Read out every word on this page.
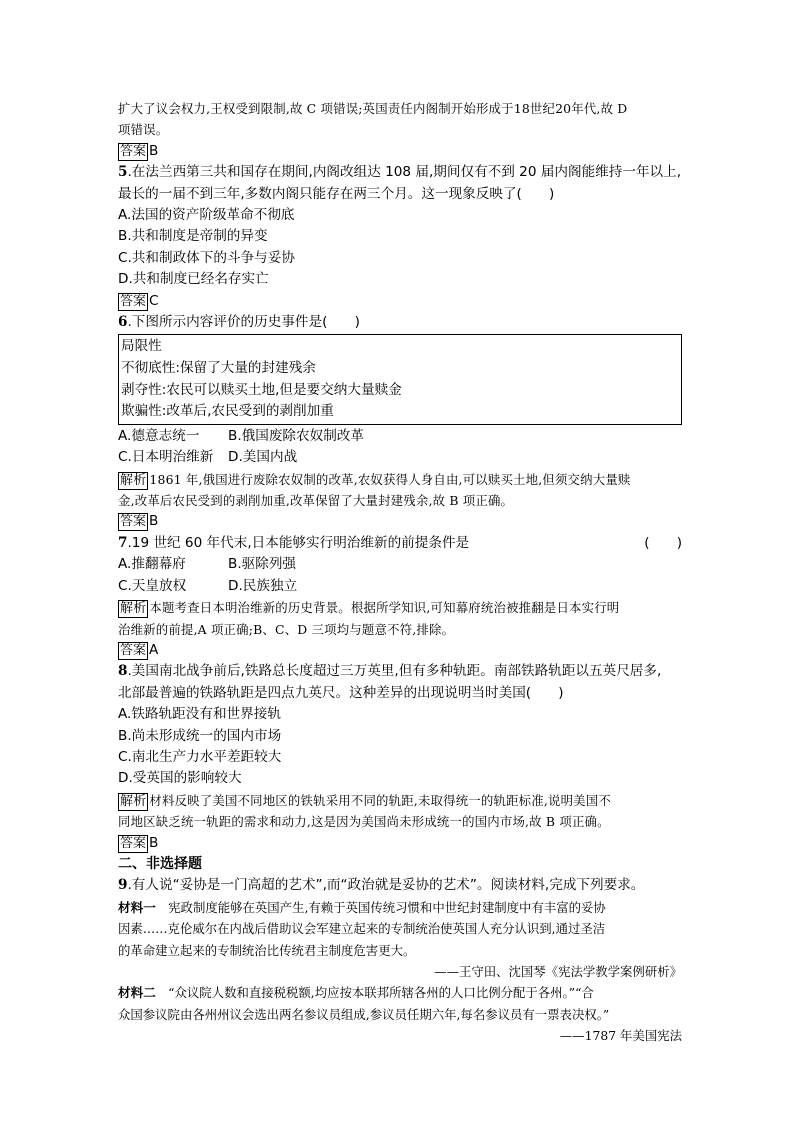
扩大了议会权力,王权受到限制,故 C 项错误;英国责任内阁制开始形成于18世纪20年代,故 D
项错误。
答案 B
5.在法兰西第三共和国存在期间,内阁改组达 108 届,期间仅有不到 20 届内阁能维持一年以上,
最长的一届不到三年,多数内阁只能存在两三个月。这一现象反映了(　　)
A.法国的资产阶级革命不彻底
B.共和制度是帝制的异变
C.共和制政体下的斗争与妥协
D.共和制度已经名存实亡
答案 C
6.下图所示内容评价的历史事件是(　　)
局限性
不彻底性:保留了大量的封建残余
剥夺性:农民可以赎买土地,但是要交纳大量赎金
欺骗性:改革后,农民受到的剥削加重
A.德意志统一 B.俄国废除农奴制改革
C.日本明治维新 D.美国内战
解析 1861 年,俄国进行废除农奴制的改革,农奴获得人身自由,可以赎买土地,但须交纳大量赎
金,改革后农民受到的剥削加重,改革保留了大量封建残余,故 B 项正确。
答案 B
7.19 世纪 60 年代末,日本能够实行明治维新的前提条件是	(　　)
A.推翻幕府	B.驱除列强
C.天皇放权	D.民族独立
解析 本题考查日本明治维新的历史背景。根据所学知识,可知幕府统治被推翻是日本实行明
治维新的前提,A 项正确;B、C、D 三项均与题意不符,排除。
答案 A
8.美国南北战争前后,铁路总长度超过三万英里,但有多种轨距。南部铁路轨距以五英尺居多,
北部最普遍的铁路轨距是四点九英尺。这种差异的出现说明当时美国(　　)
A.铁路轨距没有和世界接轨
B.尚未形成统一的国内市场
C.南北生产力水平差距较大
D.受英国的影响较大
解析 材料反映了美国不同地区的铁轨采用不同的轨距,未取得统一的轨距标准,说明美国不
同地区缺乏统一轨距的需求和动力,这是因为美国尚未形成统一的国内市场,故 B 项正确。
答案 B
二、非选择题
9.有人说“妥协是一门高超的艺术”,而“政治就是妥协的艺术”。阅读材料,完成下列要求。
材料一　宪政制度能够在英国产生,有赖于英国传统习惯和中世纪封建制度中有丰富的妥协
因素……克伦威尔在内战后借助议会军建立起来的专制统治使英国人充分认识到,通过圣洁
的革命建立起来的专制统治比传统君主制度危害更大。
——王守田、沈国琴《宪法学教学案例研析》
材料二　“众议院人数和直接税税额,均应按本联邦所辖各州的人口比例分配于各州。”“合
众国参议院由各州州议会选出两名参议员组成,参议员任期六年,每名参议员有一票表决权。”
——1787 年美国宪法
